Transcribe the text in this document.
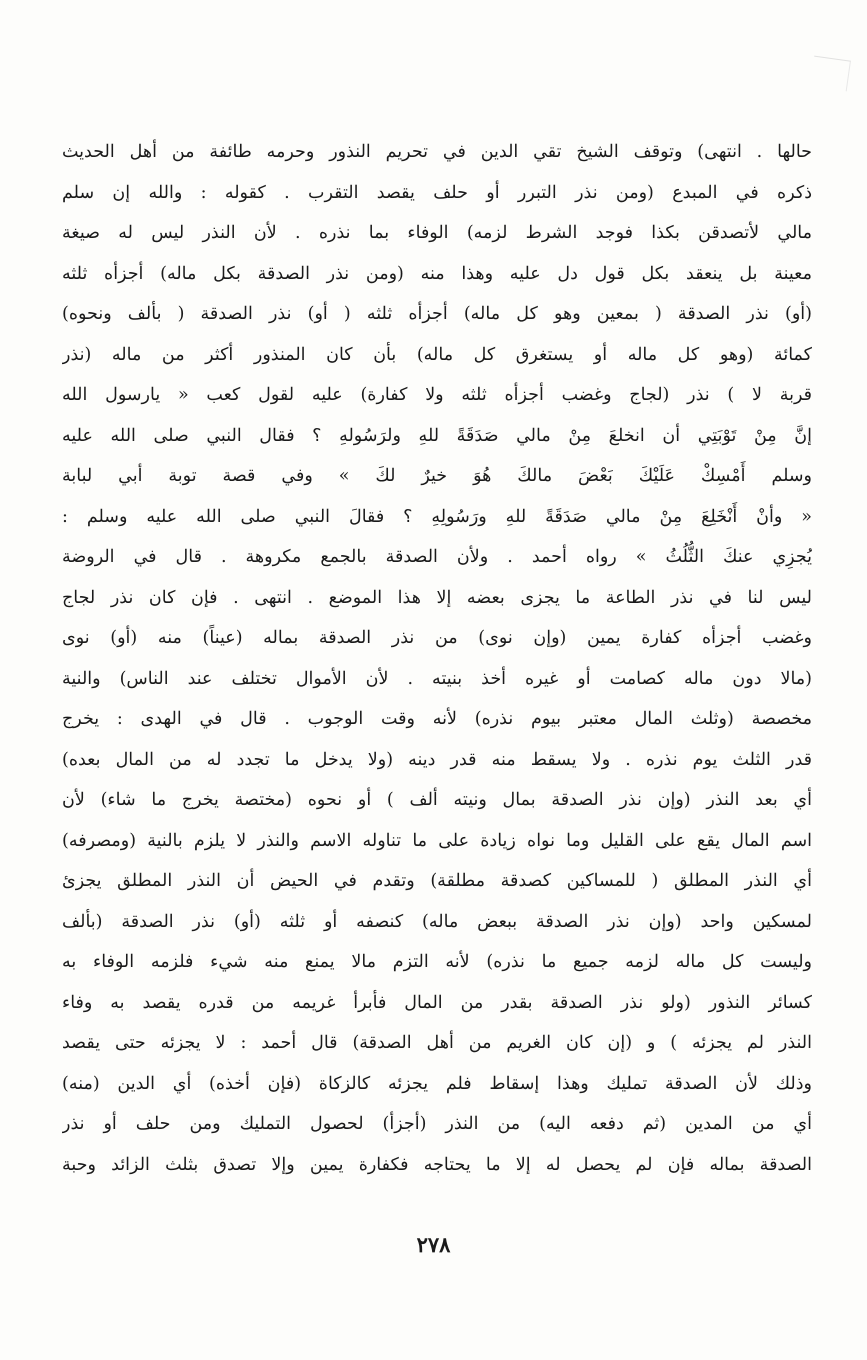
حالها . انتهى) وتوقف الشيخ تقي الدين في تحريم النذور وحرمه طائفة من أهل الحديث
ذكره في المبدع (ومن نذر التبرر أو حلف يقصد التقرب . كقوله : والله إن سلم
مالي لأتصدقن بكذا فوجد الشرط لزمه) الوفاء بما نذره . لأن النذر ليس له صيغة
معينة بل ينعقد بكل قول دل عليه وهذا منه (ومن نذر الصدقة بكل ماله) أجزأه ثلثه
(أو) نذر الصدقة ( بمعين وهو كل ماله) أجزأه ثلثه ( أو) نذر الصدقة ( بألف ونحوه)
كمائة (وهو كل ماله أو يستغرق كل ماله) بأن كان المنذور أكثر من ماله (نذر
قربة لا ) نذر (لجاج وغضب أجزأه ثلثه ولا كفارة) عليه لقول كعب « يارسول الله
إنَّ مِنْ تَوْبَتِي أن انخلعَ مِنْ مالي صَدَقَةً للهِ ولرَسُولهِ ؟ فقال النبي صلى الله عليه
وسلم أَمْسِكْ عَلَيْكَ بَعْضَ مالكَ هُوَ خيرٌ لكَ » وفي قصة توبة أبي لبابة
« وأنْ أَنْخَلِعَ مِنْ مالي صَدَقَةً للهِ ورَسُولِهِ ؟ فقالَ النبي صلى الله عليه وسلم :
يُجزِي عنكَ الثُّلُثُ » رواه أحمد . ولأن الصدقة بالجمع مكروهة . قال في الروضة
ليس لنا في نذر الطاعة ما يجزى بعضه إلا هذا الموضع . انتهى . فإن كان نذر لجاج
وغضب أجزأه كفارة يمين (وإن نوى) من نذر الصدقة بماله (عيناً) منه (أو) نوى
(مالا دون ماله كصامت أو غيره أخذ بنيته . لأن الأموال تختلف عند الناس) والنية
مخصصة (وثلث المال معتبر بيوم نذره) لأنه وقت الوجوب . قال في الهدى : يخرج
قدر الثلث يوم نذره . ولا يسقط منه قدر دينه (ولا يدخل ما تجدد له من المال بعده)
أي بعد النذر (وإن نذر الصدقة بمال ونيته ألف ) أو نحوه (مختصة يخرج ما شاء) لأن
اسم المال يقع على القليل وما نواه زيادة على ما تناوله الاسم والنذر لا يلزم بالنية (ومصرفه)
أي النذر المطلق ( للمساكين كصدقة مطلقة) وتقدم في الحيض أن النذر المطلق يجزئ
لمسكين واحد (وإن نذر الصدقة ببعض ماله) كنصفه أو ثلثه (أو) نذر الصدقة (بألف
وليست كل ماله لزمه جميع ما نذره) لأنه التزم مالا يمنع منه شيء فلزمه الوفاء به
كسائر النذور (ولو نذر الصدقة بقدر من المال فأبرأ غريمه من قدره يقصد به وفاء
النذر لم يجزئه ) و (إن كان الغريم من أهل الصدقة) قال أحمد : لا يجزئه حتى يقصد
وذلك لأن الصدقة تمليك وهذا إسقاط فلم يجزئه كالزكاة (فإن أخذه) أي الدين (منه)
أي من المدين (ثم دفعه اليه) من النذر (أجزأ) لحصول التمليك ومن حلف أو نذر
الصدقة بماله فإن لم يحصل له إلا ما يحتاجه فكفارة يمين وإلا تصدق بثلث الزائد وحبة
٢٧٨
